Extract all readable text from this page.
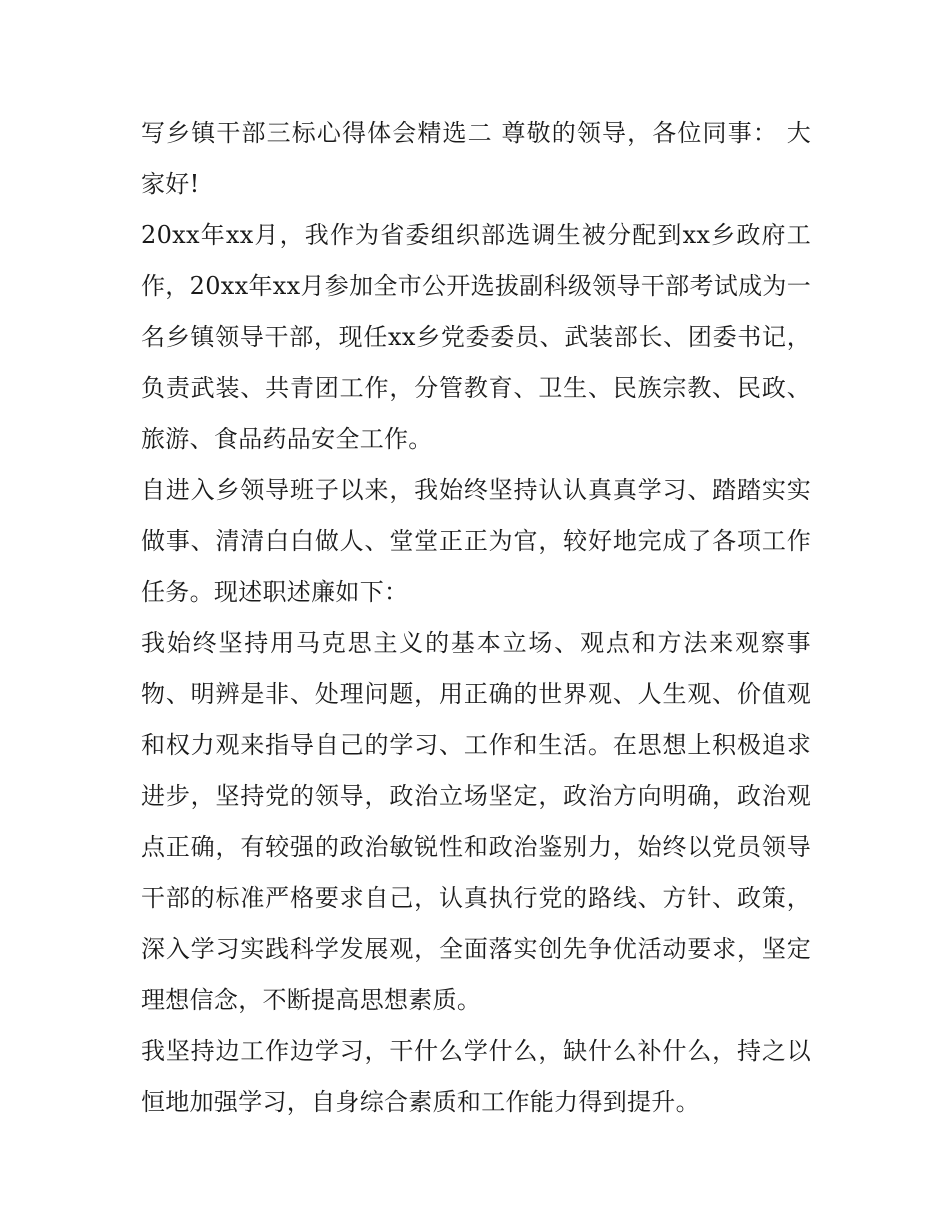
写乡镇干部三标心得体会精选二 尊敬的领导，各位同事： 大家好!

20xx年xx月，我作为省委组织部选调生被分配到xx乡政府工作，20xx年xx月参加全市公开选拔副科级领导干部考试成为一名乡镇领导干部，现任xx乡党委委员、武装部长、团委书记，负责武装、共青团工作，分管教育、卫生、民族宗教、民政、旅游、食品药品安全工作。

自进入乡领导班子以来，我始终坚持认认真真学习、踏踏实实做事、清清白白做人、堂堂正正为官，较好地完成了各项工作任务。现述职述廉如下：

我始终坚持用马克思主义的基本立场、观点和方法来观察事物、明辨是非、处理问题，用正确的世界观、人生观、价值观和权力观来指导自己的学习、工作和生活。在思想上积极追求进步，坚持党的领导，政治立场坚定，政治方向明确，政治观点正确，有较强的政治敏锐性和政治鉴别力，始终以党员领导干部的标准严格要求自己，认真执行党的路线、方针、政策，深入学习实践科学发展观，全面落实创先争优活动要求，坚定理想信念，不断提高思想素质。

我坚持边工作边学习，干什么学什么，缺什么补什么，持之以恒地加强学习，自身综合素质和工作能力得到提升。
